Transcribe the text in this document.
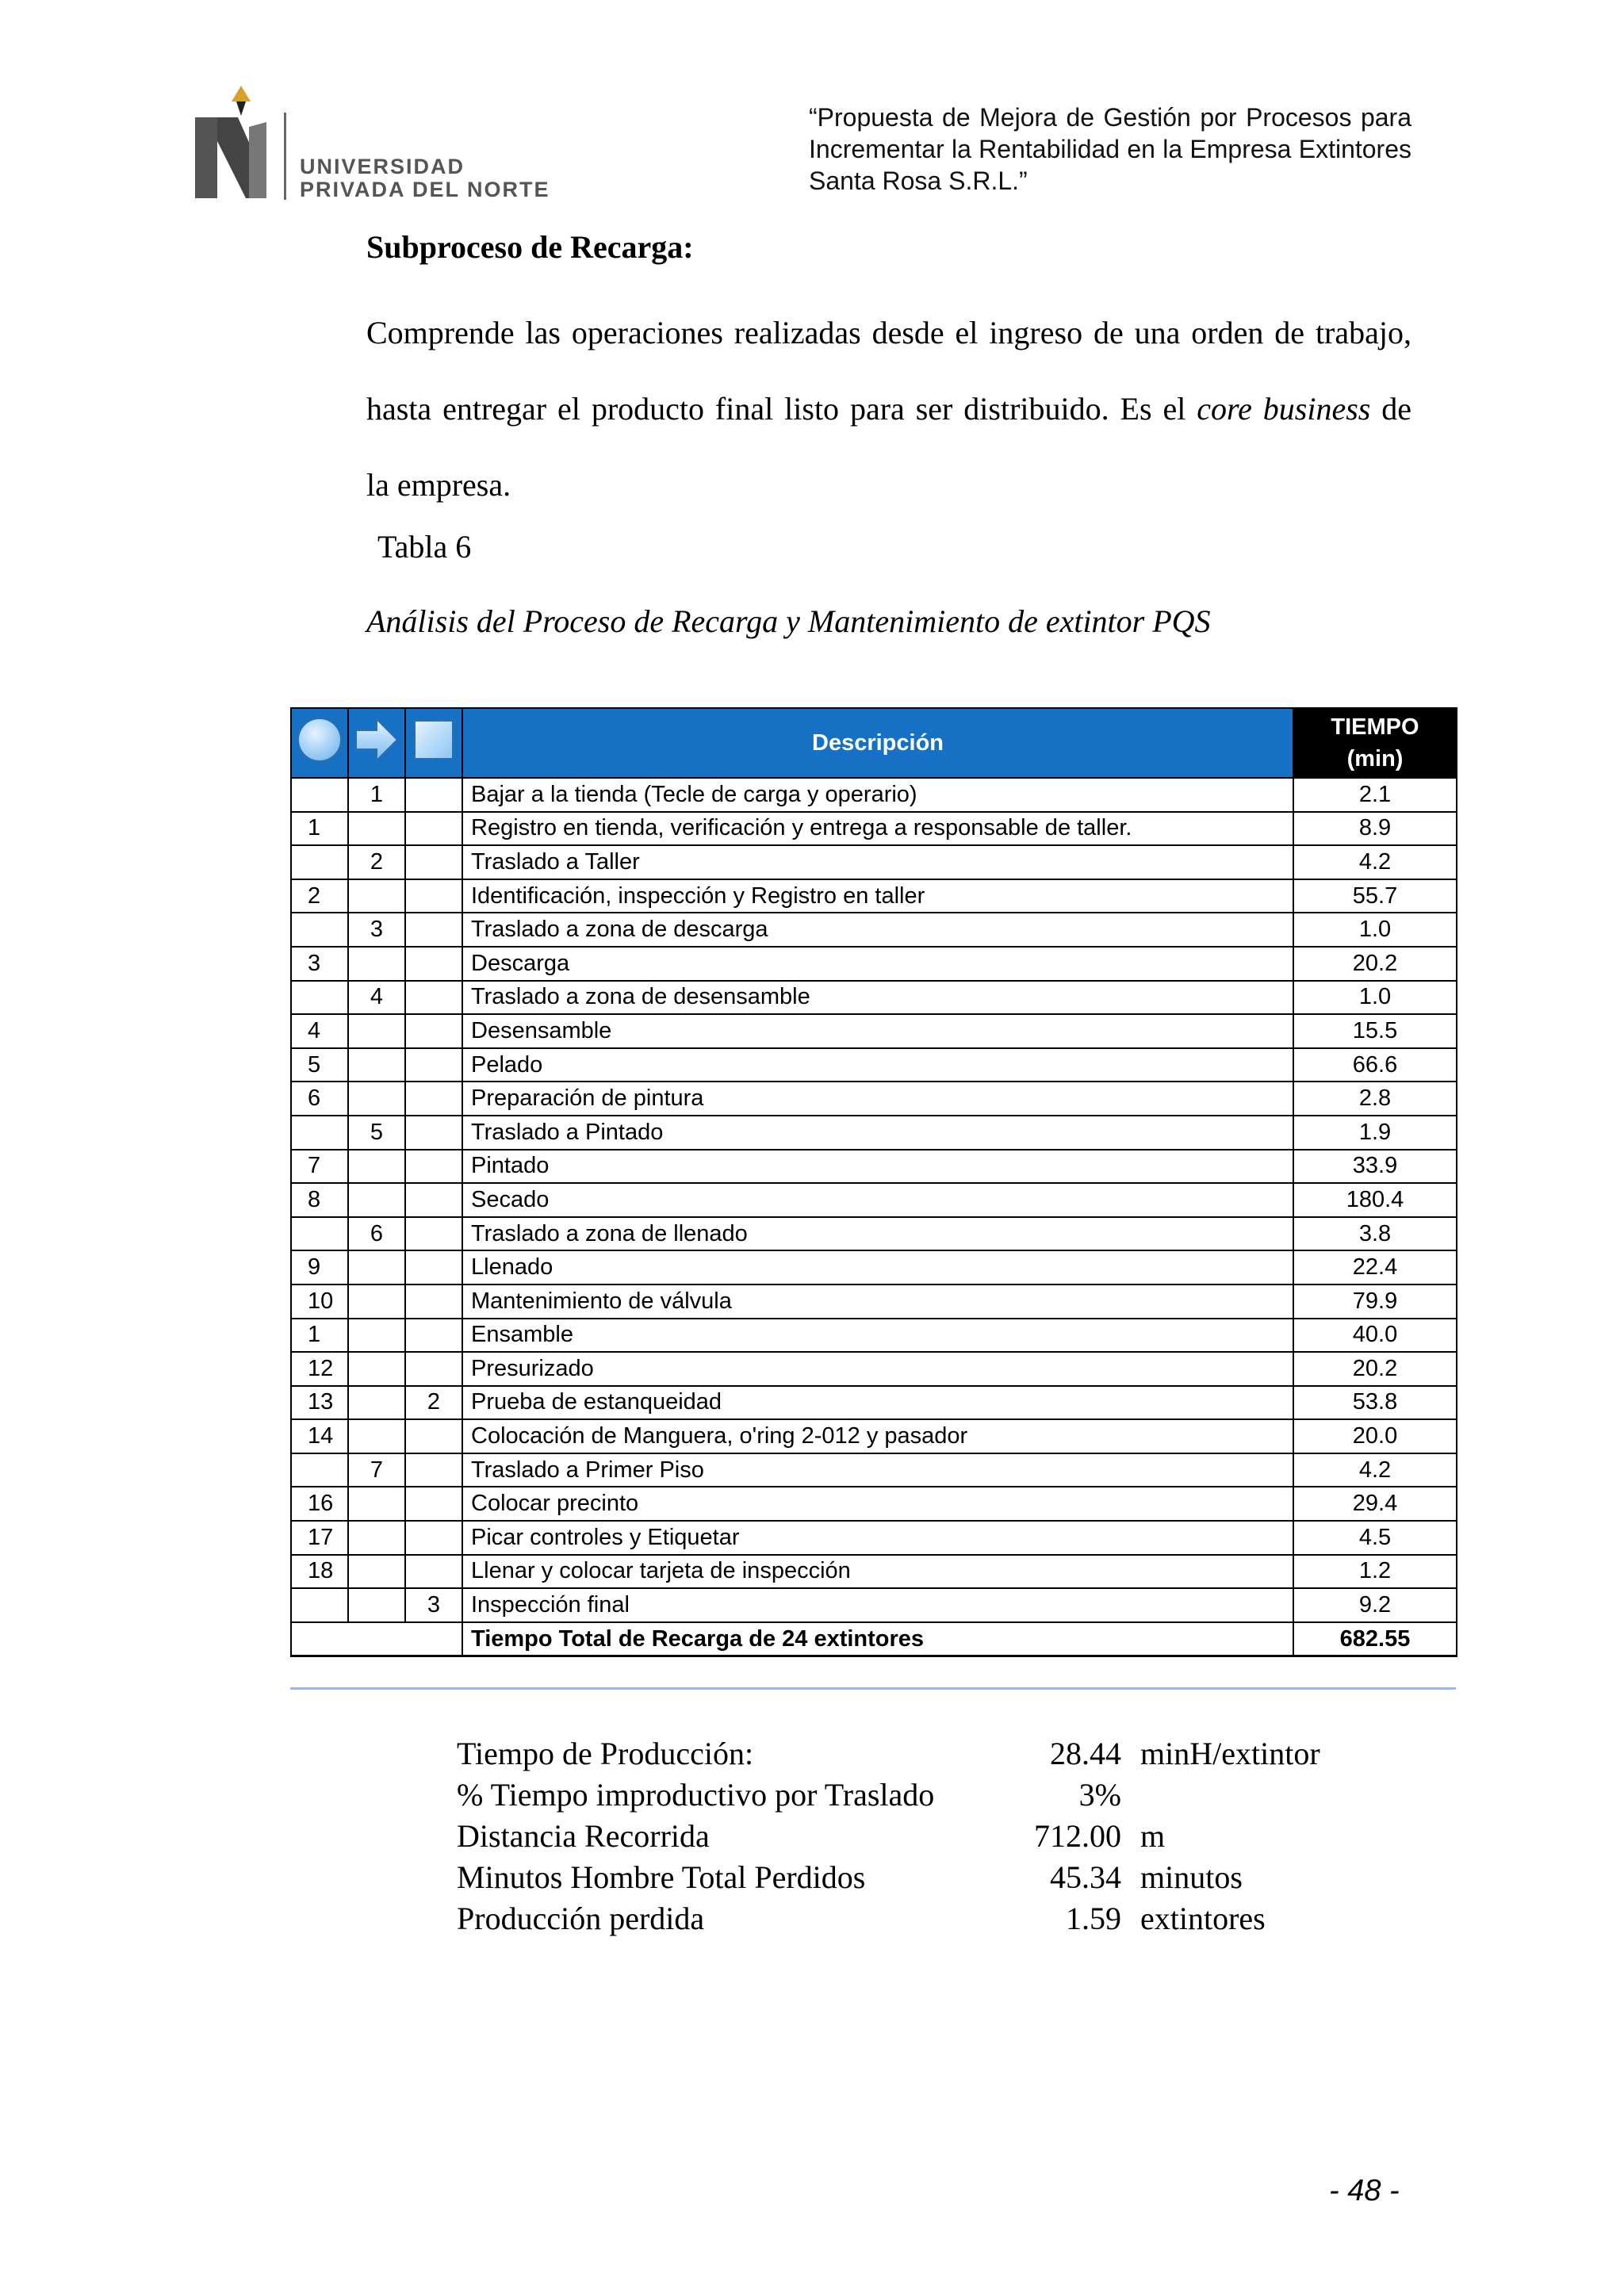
UNIVERSIDAD
PRIVADA DEL NORTE
“Propuesta de Mejora de Gestión por Procesos para Incrementar la Rentabilidad en la Empresa Extintores Santa Rosa S.R.L.”
Subproceso de Recarga:
Comprende las operaciones realizadas desde el ingreso de una orden de trabajo,
hasta entregar el producto final listo para ser distribuido. Es el core business de
la empresa.
Tabla 6
Análisis del Proceso de Recarga y Mantenimiento de extintor PQS
			Descripción	TIEMPO
(min)
	1		Bajar a la tienda (Tecle de carga y operario)	2.1
1			Registro en tienda, verificación y entrega a responsable de taller.	8.9
	2		Traslado a Taller	4.2
2			Identificación, inspección y Registro en taller	55.7
	3		Traslado a zona de descarga	1.0
3			Descarga	20.2
	4		Traslado a zona de desensamble	1.0
4			Desensamble	15.5
5			Pelado	66.6
6			Preparación de pintura	2.8
	5		Traslado a Pintado	1.9
7			Pintado	33.9
8			Secado	180.4
	6		Traslado a zona de llenado	3.8
9			Llenado	22.4
10			Mantenimiento de válvula	79.9
1			Ensamble	40.0
12			Presurizado	20.2
13		2	Prueba de estanqueidad	53.8
14			Colocación de Manguera, o'ring 2-012 y pasador	20.0
	7		Traslado a Primer Piso	4.2
16			Colocar precinto	29.4
17			Picar controles y Etiquetar	4.5
18			Llenar y colocar tarjeta de inspección	1.2
		3	Inspección final	9.2
			Tiempo Total de Recarga de 24 extintores	682.55
Tiempo de Producción:	28.44	minH/extintor
% Tiempo improductivo por Traslado	3%	
Distancia Recorrida	712.00	m
Minutos Hombre Total Perdidos	45.34	minutos
Producción perdida	1.59	extintores
- 48 -
